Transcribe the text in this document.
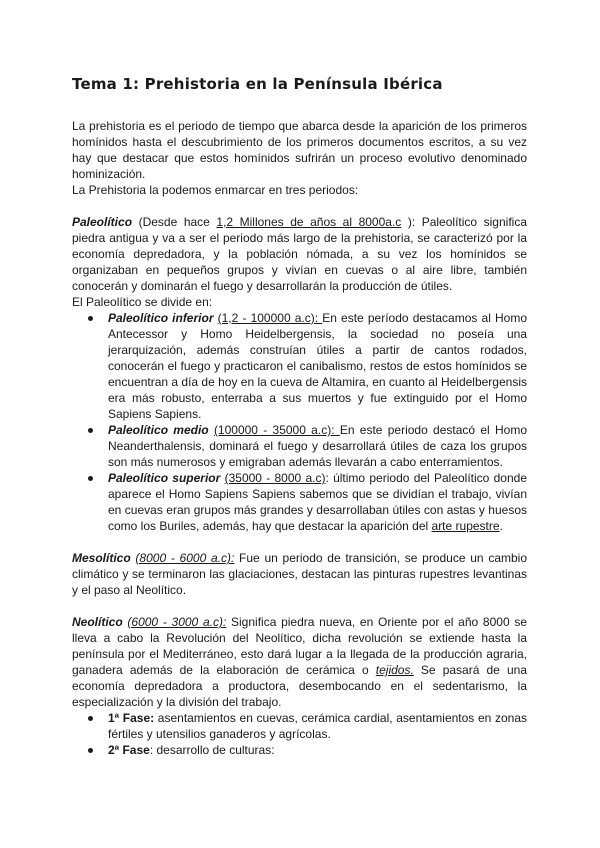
Tema 1: Prehistoria en la Península Ibérica

La prehistoria es el periodo de tiempo que abarca desde la aparición de los primeros homínidos hasta el descubrimiento de los primeros documentos escritos, a su vez hay que destacar que estos homínidos sufrirán un proceso evolutivo denominado hominización.

La Prehistoria la podemos enmarcar en tres periodos:

Paleolítico (Desde hace 1,2 Millones de años al 8000a.c ): Paleolítico significa piedra antigua y va a ser el periodo más largo de la prehistoria, se caracterizó por la economía depredadora, y la población nómada, a su vez los homínidos se organizaban en pequeños grupos y vivían en cuevas o al aire libre, también conocerán y dominarán el fuego y desarrollarán la producción de útiles.

El Paleolítico se divide en:

Paleolítico inferior (1,2 - 100000 a.c): En este período destacamos al Homo Antecessor y Homo Heidelbergensis, la sociedad no poseía una jerarquización, además construían útiles a partir de cantos rodados, conocerán el fuego y practicaron el canibalismo, restos de estos homínidos se encuentran a día de hoy en la cueva de Altamira, en cuanto al Heidelbergensis era más robusto, enterraba a sus muertos y fue extinguido por el Homo Sapiens Sapiens.
Paleolítico medio (100000 - 35000 a.c): En este periodo destacó el Homo Neanderthalensis, dominará el fuego y desarrollará útiles de caza los grupos son más numerosos y emigraban además llevarán a cabo enterramientos.
Paleolítico superior (35000 - 8000 a.c): último periodo del Paleolítico donde aparece el Homo Sapiens Sapiens sabemos que se dividían el trabajo, vivían en cuevas eran grupos más grandes y desarrollaban útiles con astas y huesos como los Buriles, además, hay que destacar la aparición del arte rupestre.

Mesolítico (8000 - 6000 a.c): Fue un periodo de transición, se produce un cambio climático y se terminaron las glaciaciones, destacan las pinturas rupestres levantinas y el paso al Neolítico.

Neolítico (6000 - 3000 a.c): Significa piedra nueva, en Oriente por el año 8000 se lleva a cabo la Revolución del Neolítico, dicha revolución se extiende hasta la península por el Mediterráneo, esto dará lugar a la llegada de la producción agraria, ganadera además de la elaboración de cerámica o tejidos. Se pasará de una economía depredadora a productora, desembocando en el sedentarismo, la especialización y la división del trabajo.

1ª Fase: asentamientos en cuevas, cerámica cardial, asentamientos en zonas fértiles y utensilios ganaderos y agrícolas.
2ª Fase: desarrollo de culturas:
